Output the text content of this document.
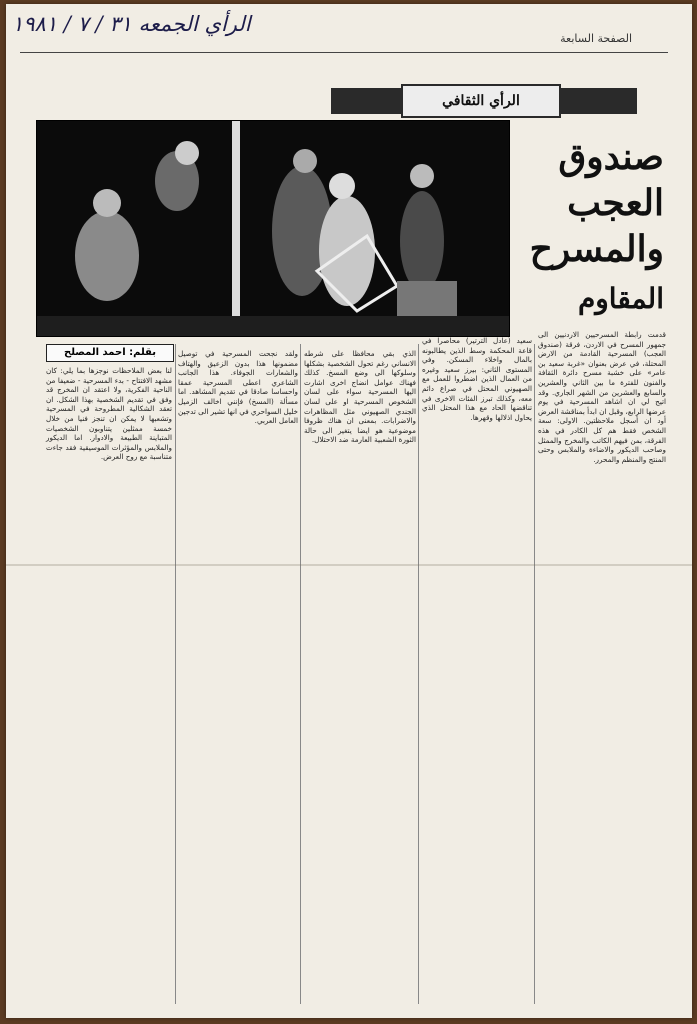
الرأي الجمعه ٣١ / ٧ / ١٩٨١
الصفحة السابعة
الرأي الثقافي
صندوق
العجب
والمسرح
المقاوم

قدمت رابطة المسرحيين الاردنيين الى جمهور المسرح في الاردن، فرقة (صندوق العجب) المسرحية القادمة من الارض المحتلة، في عرض بعنوان «غربة سعيد بن عامر» على خشبة مسرح دائرة الثقافة والفنون للفترة ما بين الثاني والعشرين والسابع والعشرين من الشهر الجاري. وقد اتيح لي ان اشاهد المسرحية في يوم عرضها الرابع، وقبل ان ابدأ بمناقشة العرض أود ان أسجل ملاحظتين. الاولى: سعة الشخص فقط هم كل الكادر في هذه الفرقة، بمن فيهم الكاتب والمخرج والممثل وصاحب الديكور والاضاءة والملابس وحتى المنتج والمنظم والمحرر.

سعيد (عادل الترتير) محاصرا في قاعة المحكمة وسط الذين يطالبونه بالمال واخلاء المسكن. وفي المستوى الثاني: بيرز سعيد وغيره من العمال الذين اضطروا للعمل مع الصهيوني المحتل في صراع دائم معه، وكذلك تبرز الفئات الاخرى في تناقضها الحاد مع هذا المحتل الذي يحاول اذلالها وقهرها.

الذي بقي محافظا على شرطه الانساني رغم تحول الشخصية بشكلها وسلوكها الى وضع المسخ. كذلك فهناك عوامل انضاج اخرى اشارت اليها المسرحية سواء على لسان الشخوص المسرحية او على لسان الجندي الصهيوني مثل المظاهرات والاضرابات. بمعنى ان هناك ظروفا موضوعية هو ايضا يتغير الى حالة الثورة الشعبية العارمة ضد الاحتلال.

ولقد نجحت المسرحية في توصيل مضمونها هذا بدون الزعيق والهتاف والشعارات الجوفاء. هذا الجانب الشاعري اعطى المسرحية عمقا واحساسا صادقا في تقديم المشاهد. اما مسألة (المسخ) فإنني اخالف الزميل خليل السواحري في انها تشير الى تدجين العامل العربي.

بقلم: احمد المصلح

لنا بعض الملاحظات نوجزها بما يلي: كان مشهد الافتتاح - بدء المسرحية - ضعيفا من الناحية الفكرية، ولا اعتقد ان المخرج قد وفق في تقديم الشخصية بهذا الشكل. ان تعقد الشكالية المطروحة في المسرحية وتشعبها لا يمكن ان تنجز فنيا من خلال خمسة ممثلين يتناوبون الشخصيات المتباينة الطبيعة والادوار. اما الديكور والملابس والمؤثرات الموسيقية فقد جاءت متناسبة مع روح العرض.
